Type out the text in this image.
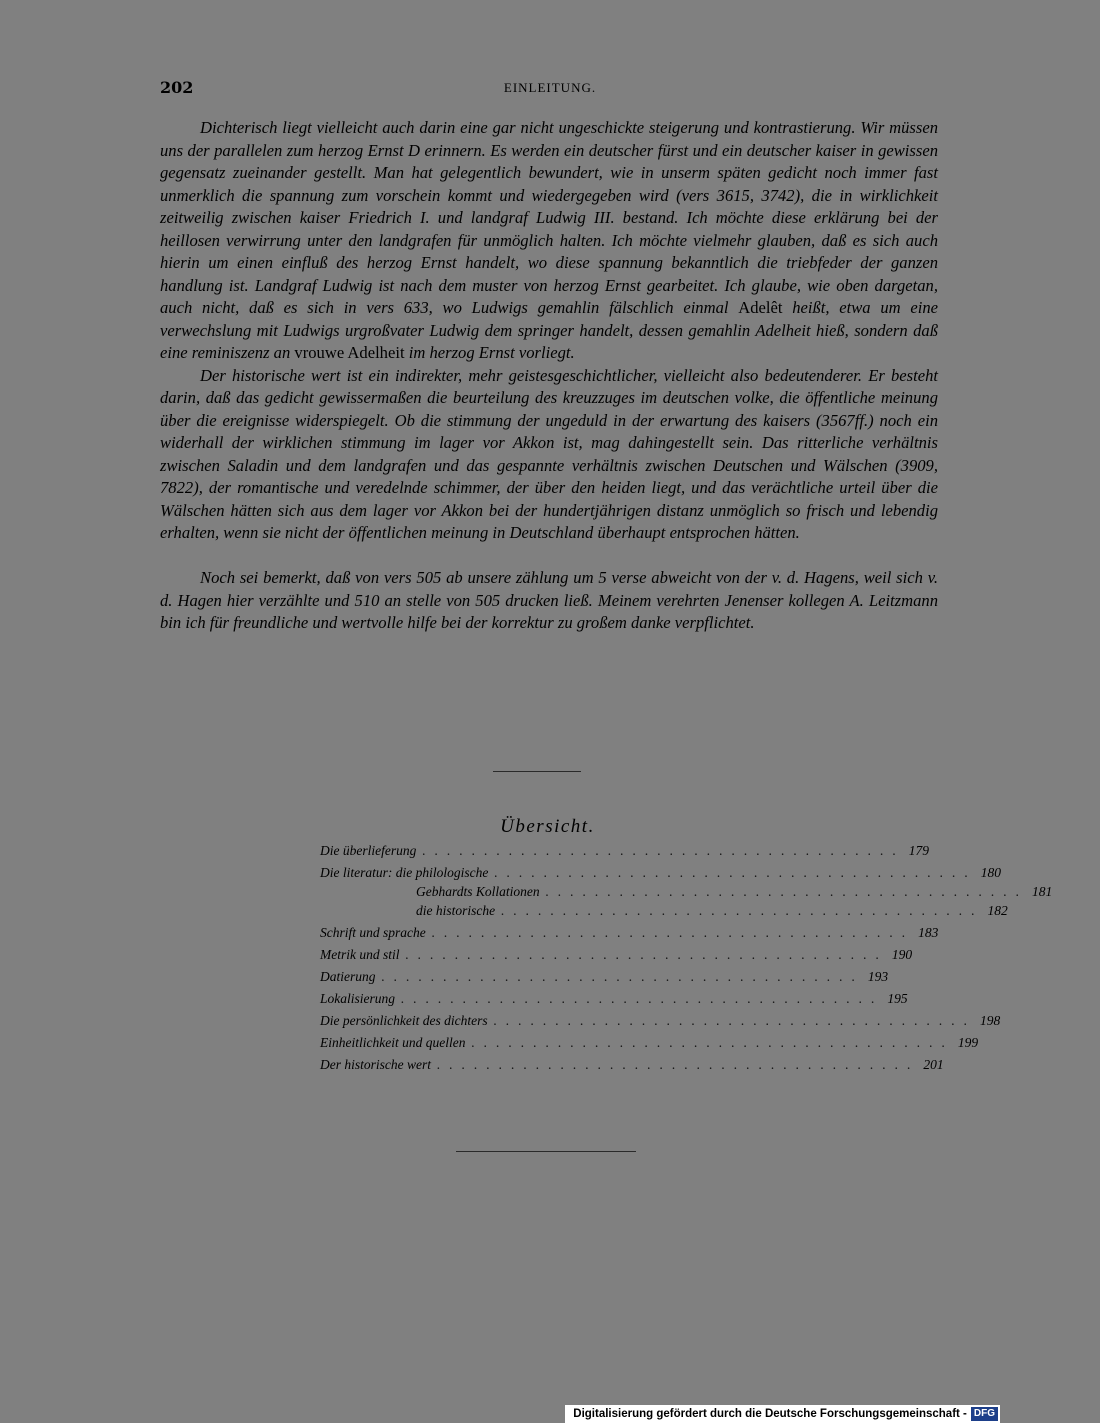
202	EINLEITUNG.

Dichterisch liegt vielleicht auch darin eine gar nicht ungeschickte steigerung und kontrastierung. Wir müssen uns der parallelen zum herzog Ernst D erinnern. Es werden ein deutscher fürst und ein deutscher kaiser in gewissen gegensatz zueinander gestellt. Man hat gelegentlich bewundert, wie in unserm späten gedicht noch immer fast unmerklich die spannung zum vorschein kommt und wiedergegeben wird (vers 3615, 3742), die in wirklichkeit zeitweilig zwischen kaiser Friedrich I. und landgraf Ludwig III. bestand. Ich möchte diese erklärung bei der heillosen verwirrung unter den landgrafen für unmöglich halten. Ich möchte vielmehr glauben, daß es sich auch hierin um einen einfluß des herzog Ernst handelt, wo diese spannung bekanntlich die triebfeder der ganzen handlung ist. Landgraf Ludwig ist nach dem muster von herzog Ernst gearbeitet. Ich glaube, wie oben dargetan, auch nicht, daß es sich in vers 633, wo Ludwigs gemahlin fälschlich einmal Adelêt heißt, etwa um eine verwechslung mit Ludwigs urgroßvater Ludwig dem springer handelt, dessen gemahlin Adelheit hieß, sondern daß eine reminiszenz an vrouwe Adelheit im herzog Ernst vorliegt.

Der historische wert ist ein indirekter, mehr geistesgeschichtlicher, vielleicht also bedeutenderer. Er besteht darin, daß das gedicht gewissermaßen die beurteilung des kreuzzuges im deutschen volke, die öffentliche meinung über die ereignisse widerspiegelt. Ob die stimmung der ungeduld in der erwartung des kaisers (3567ff.) noch ein widerhall der wirklichen stimmung im lager vor Akkon ist, mag dahingestellt sein. Das ritterliche verhältnis zwischen Saladin und dem landgrafen und das gespannte verhältnis zwischen Deutschen und Wälschen (3909, 7822), der romantische und veredelnde schimmer, der über den heiden liegt, und das verächtliche urteil über die Wälschen hätten sich aus dem lager vor Akkon bei der hundertjährigen distanz unmöglich so frisch und lebendig erhalten, wenn sie nicht der öffentlichen meinung in Deutschland überhaupt entsprochen hätten.

Noch sei bemerkt, daß von vers 505 ab unsere zählung um 5 verse abweicht von der v. d. Hagens, weil sich v. d. Hagen hier verzählte und 510 an stelle von 505 drucken ließ. Meinem verehrten Jenenser kollegen A. Leitzmann bin ich für freundliche und wertvolle hilfe bei der korrektur zu großem danke verpflichtet.

Übersicht.
Die überlieferung ....................................... 179
Die literatur: die philologische ....................................... 180
Gebhardts Kollationen ....................................... 181
die historische ....................................... 182
Schrift und sprache ....................................... 183
Metrik und stil ....................................... 190
Datierung ....................................... 193
Lokalisierung ....................................... 195
Die persönlichkeit des dichters ....................................... 198
Einheitlichkeit und quellen ....................................... 199
Der historische wert ....................................... 201
Digitalisierung gefördert durch die Deutsche Forschungsgemeinschaft - DFG
